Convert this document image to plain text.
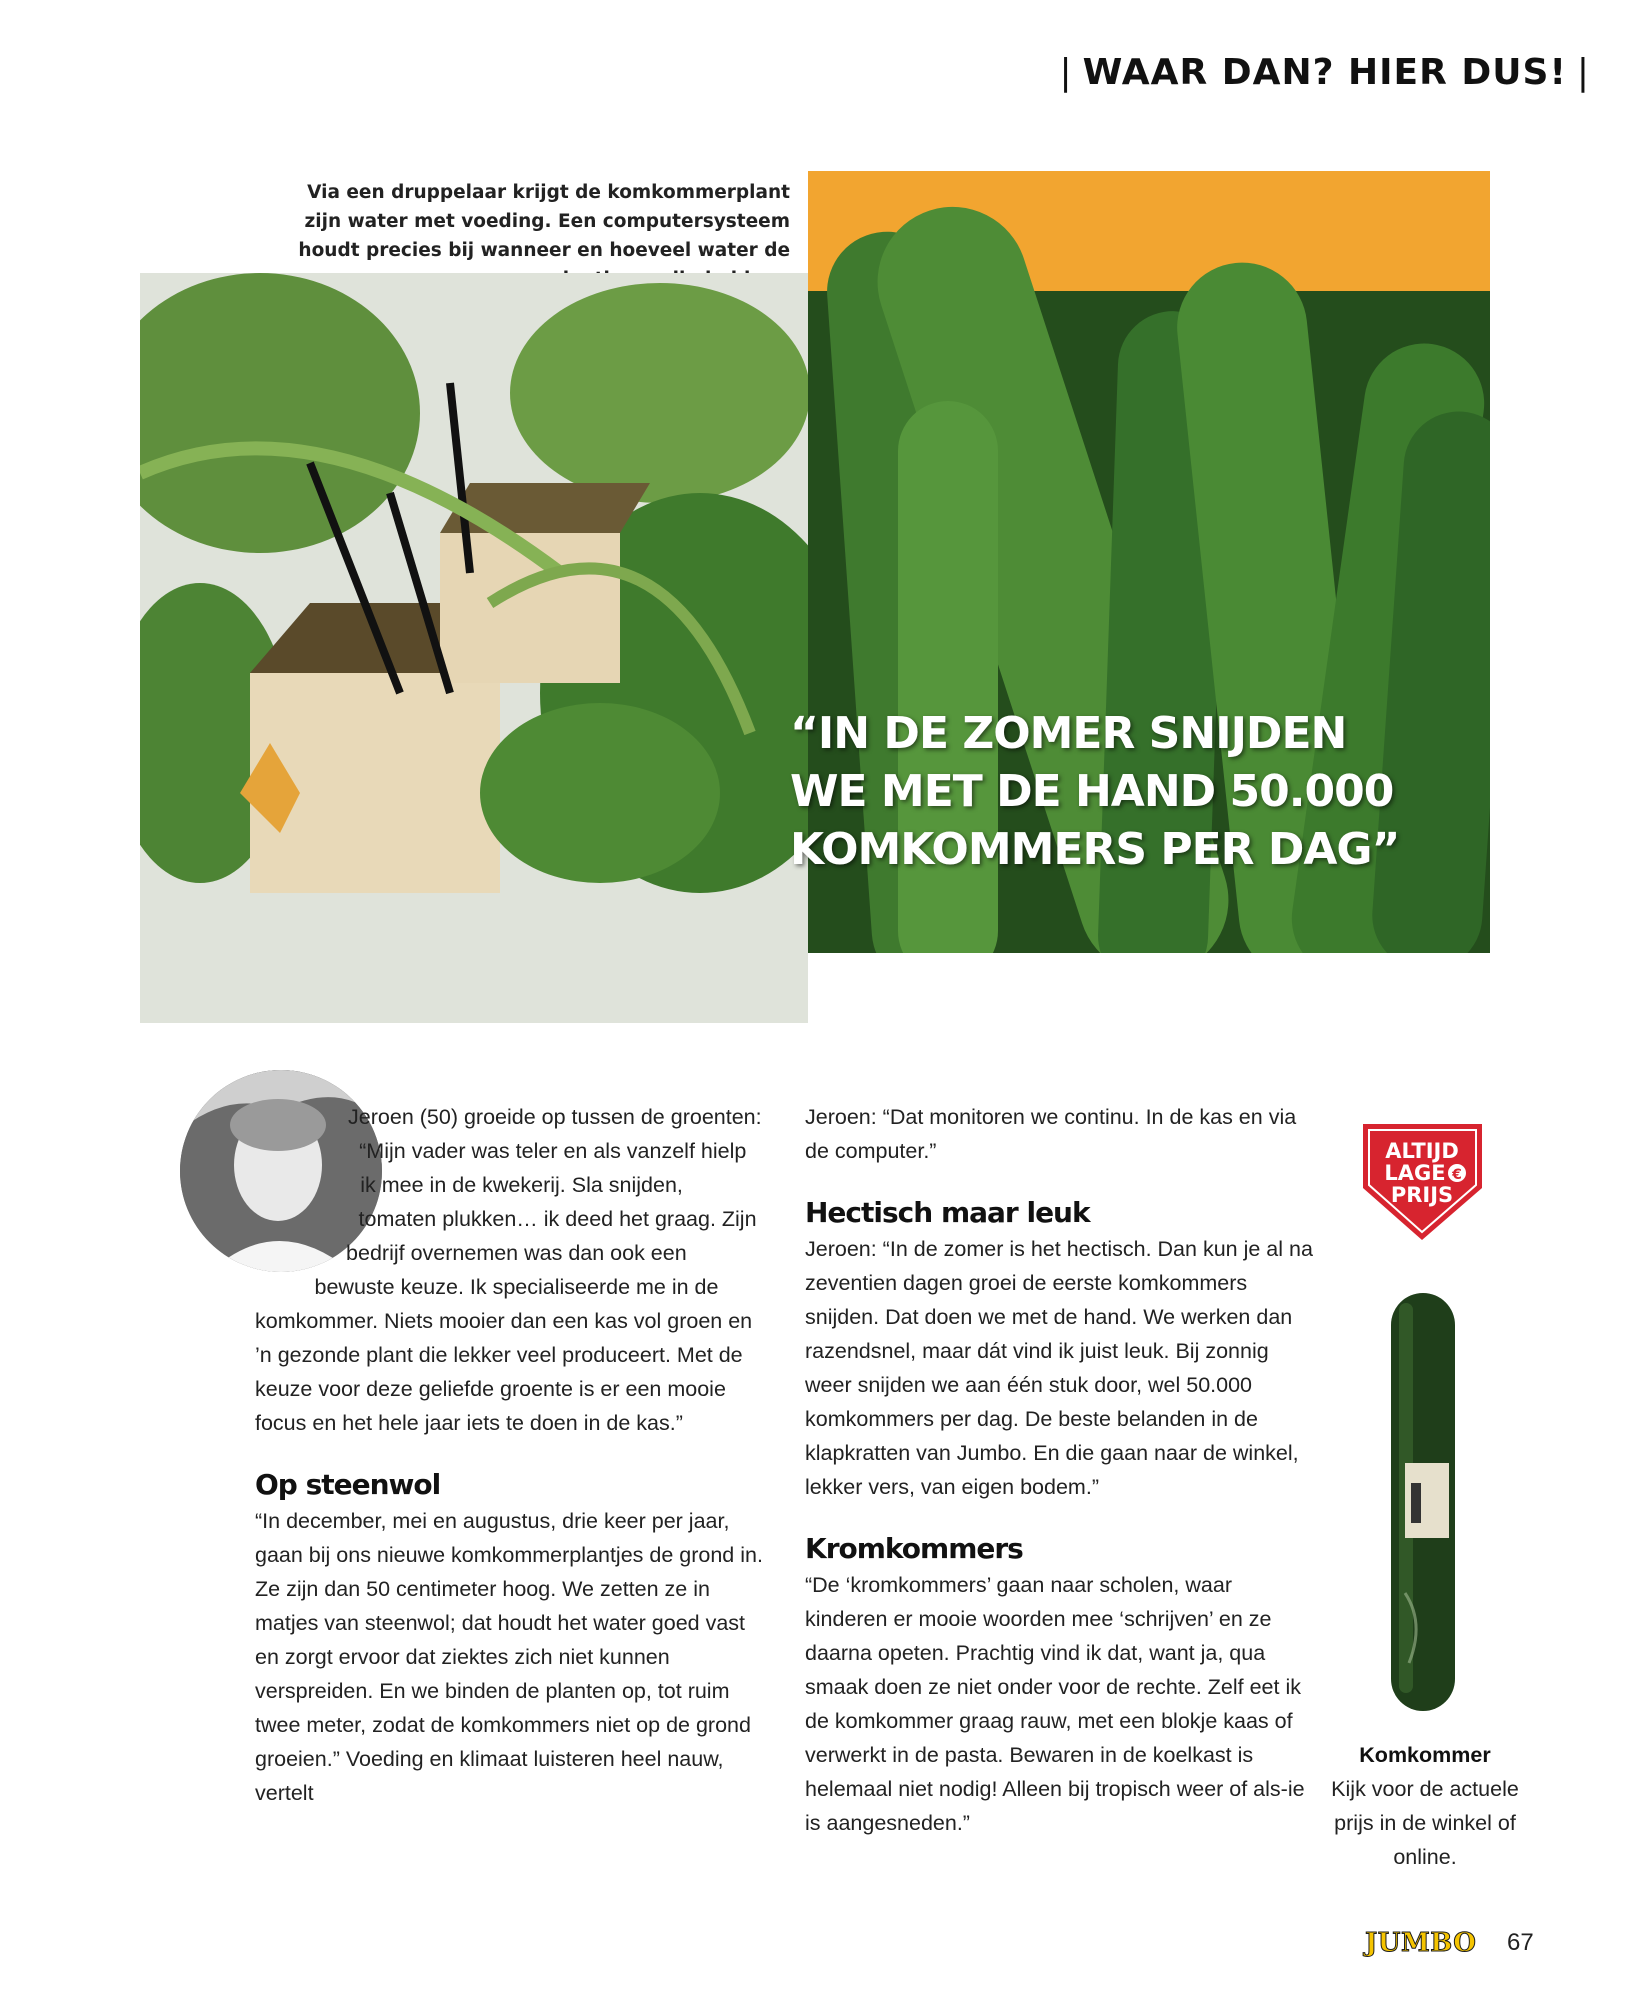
| WAAR DAN? HIER DUS! |
Via een druppelaar krijgt de komkommerplant zijn water met voeding. Een computersysteem houdt precies bij wanneer en hoeveel water de
“IN DE ZOMER SNIJDEN WE MET DE HAND 50.000 KOMKOMMERS PER DAG”

Jeroen (50) groeide op tussen de groenten: “Mijn vader was teler en als vanzelf hielp ik mee in de kwekerij. Sla snijden, tomaten plukken… ik deed het graag. Zijn bedrijf overnemen was dan ook een bewuste keuze. Ik specialiseerde me in de komkommer. Niets mooier dan een kas vol groen en ’n gezonde plant die lekker veel produceert. Met de keuze voor deze geliefde groente is er een mooie focus en het hele jaar iets te doen in de kas.”

Op steenwol

“In december, mei en augustus, drie keer per jaar, gaan bij ons nieuwe komkommerplantjes de grond in. Ze zijn dan 50 centimeter hoog. We zetten ze in matjes van steenwol; dat houdt het water goed vast en zorgt ervoor dat ziektes zich niet kunnen verspreiden. En we binden de planten op, tot ruim twee meter, zodat de komkommers niet op de grond groeien.” Voeding en klimaat luisteren heel nauw, vertelt

Jeroen: “Dat monitoren we continu. In de kas en via de computer.”

Hectisch maar leuk

Jeroen: “In de zomer is het hectisch. Dan kun je al na zeventien dagen groei de eerste komkommers snijden. Dat doen we met de hand. We werken dan razendsnel, maar dát vind ik juist leuk. Bij zonnig weer snijden we aan één stuk door, wel 50.000 komkommers per dag. De beste belanden in de klapkratten van Jumbo. En die gaan naar de winkel, lekker vers, van eigen bodem.”

Kromkommers

“De ‘kromkommers’ gaan naar scholen, waar kinderen er mooie woorden mee ‘schrijven’ en ze daarna opeten. Prachtig vind ik dat, want ja, qua smaak doen ze niet onder voor de rechte. Zelf eet ik de komkommer graag rauw, met een blokje kaas of verwerkt in de pasta. Bewaren in de koelkast is helemaal niet nodig! Alleen bij tropisch weer of als-ie is aangesneden.”

ALTIJD
LAGE €
PRIJS
Komkommer
Kijk voor de actuele prijs in de winkel of online.
JUMBO 67
